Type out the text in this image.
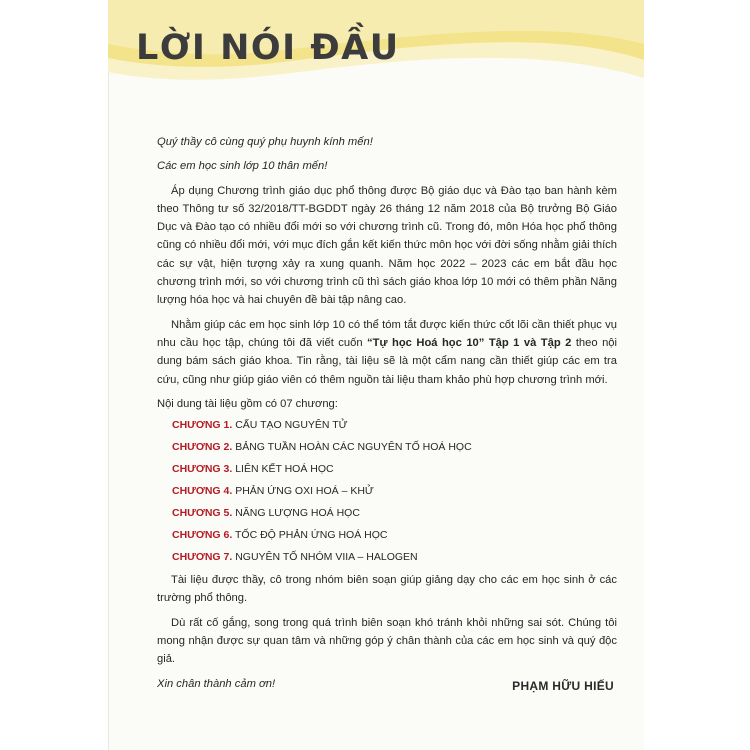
LỜI NÓI ĐẦU

Quý thầy cô cùng quý phụ huynh kính mến!

Các em học sinh lớp 10 thân mến!

Áp dụng Chương trình giáo dục phổ thông được Bộ giáo dục và Đào tạo ban hành kèm theo Thông tư số 32/2018/TT-BGDDT ngày 26 tháng 12 năm 2018 của Bộ trưởng Bộ Giáo Dục và Đào tạo có nhiều đổi mới so với chương trình cũ. Trong đó, môn Hóa học phổ thông cũng có nhiều đổi mới, với mục đích gắn kết kiến thức môn học với đời sống nhằm giải thích các sự vật, hiện tượng xảy ra xung quanh. Năm học 2022 – 2023 các em bắt đầu học chương trình mới, so với chương trình cũ thì sách giáo khoa lớp 10 mới có thêm phần Năng lượng hóa học và hai chuyên đề bài tập nâng cao.

Nhằm giúp các em học sinh lớp 10 có thể tóm tắt được kiến thức cốt lõi cần thiết phục vụ nhu cầu học tập, chúng tôi đã viết cuốn “Tự học Hoá học 10” Tập 1 và Tập 2 theo nội dung bám sách giáo khoa. Tin rằng, tài liệu sẽ là một cẩm nang cần thiết giúp các em tra cứu, cũng như giúp giáo viên có thêm nguồn tài liệu tham khảo phù hợp chương trình mới.

Nội dung tài liệu gồm có 07 chương:

CHƯƠNG 1. CẤU TẠO NGUYÊN TỬ
CHƯƠNG 2. BẢNG TUẦN HOÀN CÁC NGUYÊN TỐ HOÁ HỌC
CHƯƠNG 3. LIÊN KẾT HOÁ HỌC
CHƯƠNG 4. PHẢN ỨNG OXI HOÁ – KHỬ
CHƯƠNG 5. NĂNG LƯỢNG HOÁ HỌC
CHƯƠNG 6. TỐC ĐỘ PHẢN ỨNG HOÁ HỌC
CHƯƠNG 7. NGUYÊN TỐ NHÓM VIIA – HALOGEN

Tài liệu được thầy, cô trong nhóm biên soạn giúp giảng dạy cho các em học sinh ở các trường phổ thông.

Dù rất cố gắng, song trong quá trình biên soạn khó tránh khỏi những sai sót. Chúng tôi mong nhận được sự quan tâm và những góp ý chân thành của các em học sinh và quý độc giả.

Xin chân thành cảm ơn!	PHẠM HỮU HIẾU
